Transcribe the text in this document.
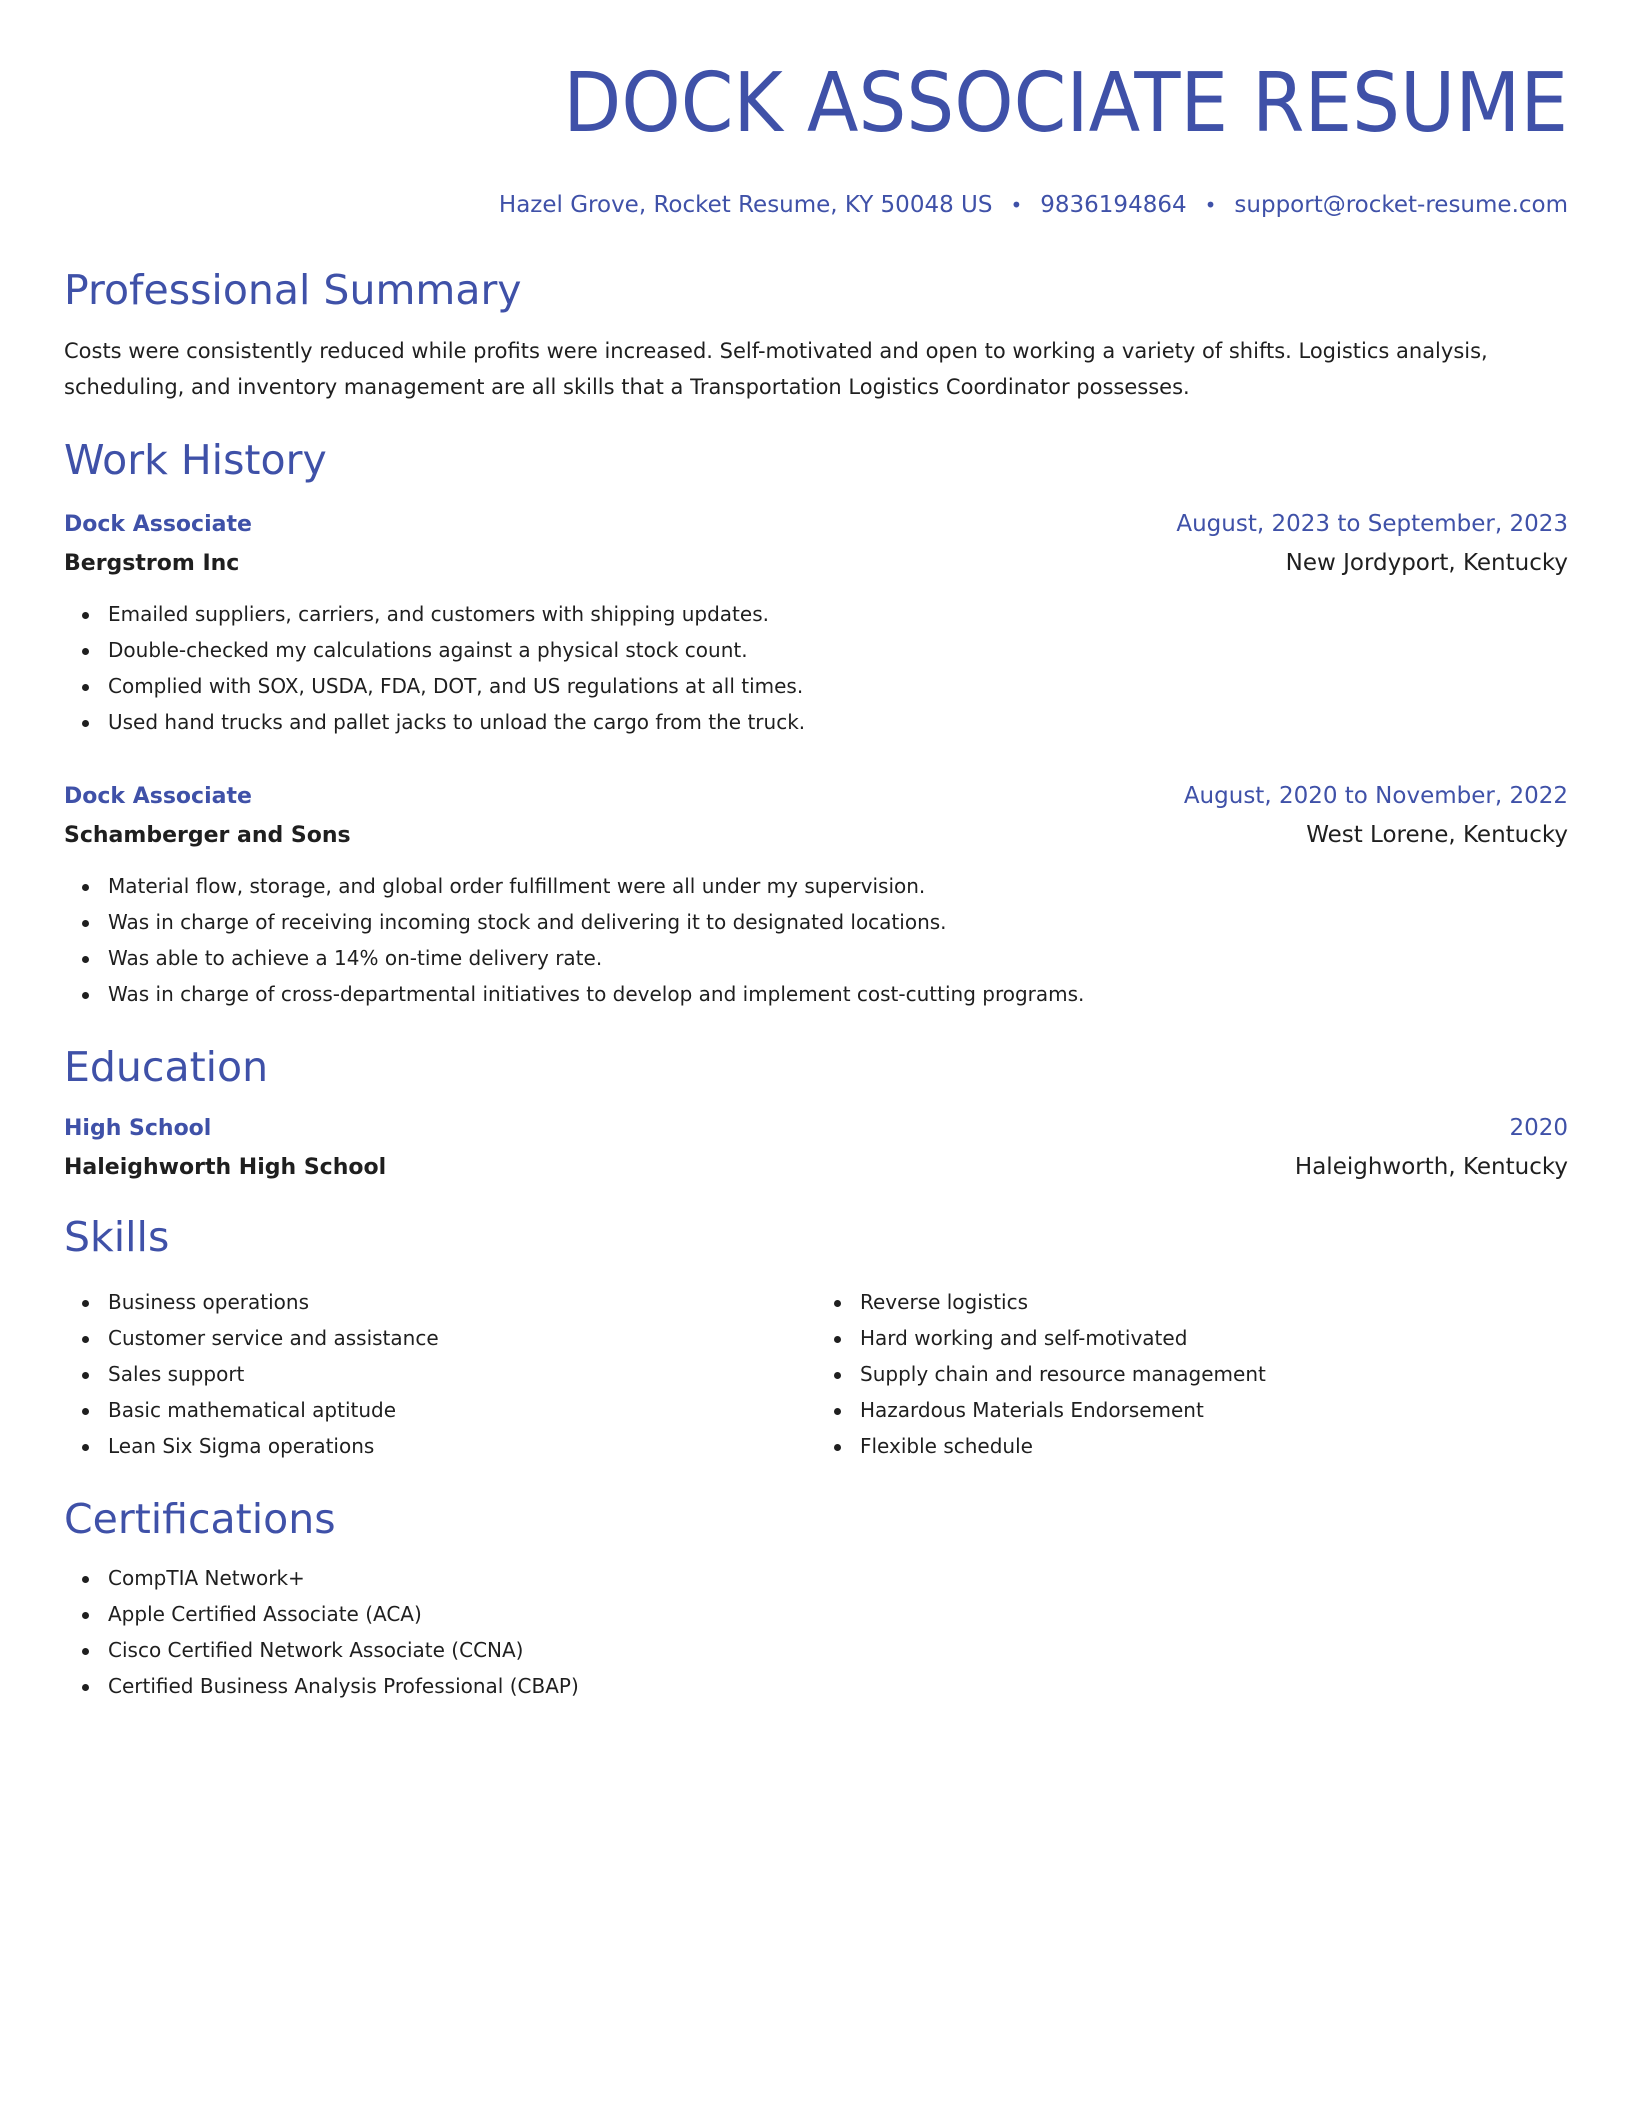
DOCK ASSOCIATE RESUME
Hazel Grove, Rocket Resume, KY 50048 US • 9836194864 • support@rocket-resume.com
Professional Summary
Costs were consistently reduced while profits were increased. Self-motivated and open to working a variety of shifts. Logistics analysis, scheduling, and inventory management are all skills that a Transportation Logistics Coordinator possesses.
Work History
Dock Associate	August, 2023 to September, 2023
Bergstrom Inc	New Jordyport, Kentucky
Emailed suppliers, carriers, and customers with shipping updates.
Double-checked my calculations against a physical stock count.
Complied with SOX, USDA, FDA, DOT, and US regulations at all times.
Used hand trucks and pallet jacks to unload the cargo from the truck.
Dock Associate	August, 2020 to November, 2022
Schamberger and Sons	West Lorene, Kentucky
Material flow, storage, and global order fulfillment were all under my supervision.
Was in charge of receiving incoming stock and delivering it to designated locations.
Was able to achieve a 14% on-time delivery rate.
Was in charge of cross-departmental initiatives to develop and implement cost-cutting programs.
Education
High School	2020
Haleighworth High School	Haleighworth, Kentucky
Skills
Business operations
Customer service and assistance
Sales support
Basic mathematical aptitude
Lean Six Sigma operations
Reverse logistics
Hard working and self-motivated
Supply chain and resource management
Hazardous Materials Endorsement
Flexible schedule
Certifications
CompTIA Network+
Apple Certified Associate (ACA)
Cisco Certified Network Associate (CCNA)
Certified Business Analysis Professional (CBAP)
